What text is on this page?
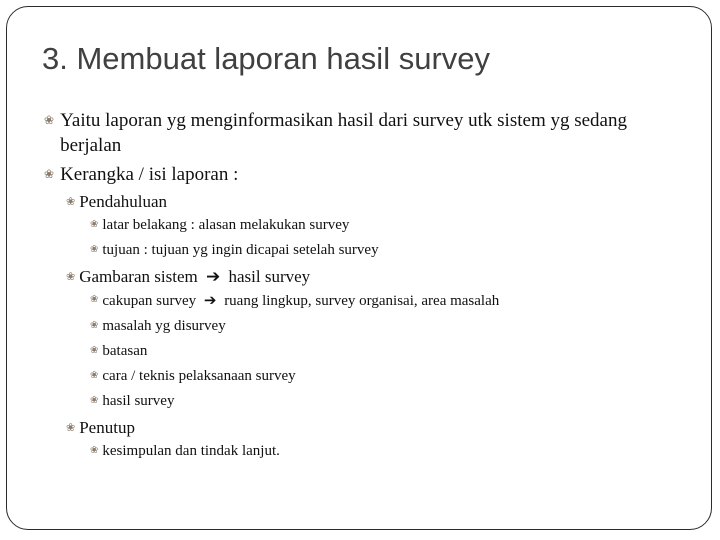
3. Membuat laporan hasil survey
❀ Yaitu laporan yg menginformasikan hasil dari survey utk sistem yg sedang berjalan
❀ Kerangka / isi laporan :
❀ Pendahuluan
❀ latar belakang : alasan melakukan survey
❀ tujuan : tujuan yg ingin dicapai setelah survey
❀ Gambaran sistem ➔ hasil survey
❀ cakupan survey ➔ ruang lingkup, survey organisai, area masalah
❀ masalah yg disurvey
❀ batasan
❀ cara / teknis pelaksanaan survey
❀ hasil survey
❀ Penutup
❀ kesimpulan dan tindak lanjut.
